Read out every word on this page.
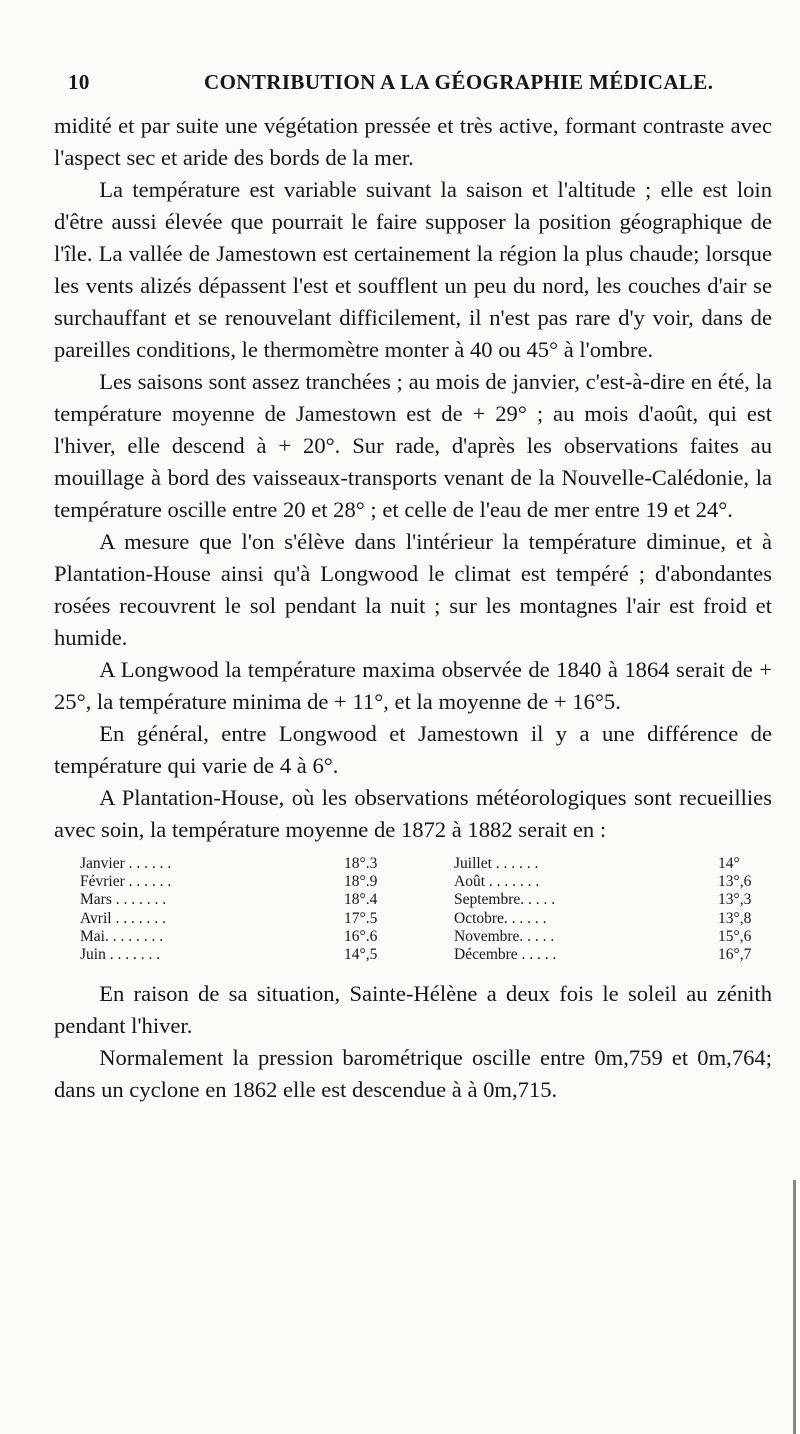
10	CONTRIBUTION A LA GÉOGRAPHIE MÉDICALE.

midité et par suite une végétation pressée et très active, formant contraste avec l'aspect sec et aride des bords de la mer.

La température est variable suivant la saison et l'altitude ; elle est loin d'être aussi élevée que pourrait le faire supposer la position géographique de l'île. La vallée de Jamestown est certainement la région la plus chaude; lorsque les vents alizés dépassent l'est et soufflent un peu du nord, les couches d'air se surchauffant et se renouvelant difficilement, il n'est pas rare d'y voir, dans de pareilles conditions, le thermomètre monter à 40 ou 45° à l'ombre.

Les saisons sont assez tranchées ; au mois de janvier, c'est-à-dire en été, la température moyenne de Jamestown est de + 29° ; au mois d'août, qui est l'hiver, elle descend à + 20°. Sur rade, d'après les observations faites au mouillage à bord des vaisseaux-transports venant de la Nouvelle-Calédonie, la température oscille entre 20 et 28° ; et celle de l'eau de mer entre 19 et 24°.

A mesure que l'on s'élève dans l'intérieur la température diminue, et à Plantation-House ainsi qu'à Longwood le climat est tempéré ; d'abondantes rosées recouvrent le sol pendant la nuit ; sur les montagnes l'air est froid et humide.

A Longwood la température maxima observée de 1840 à 1864 serait de + 25°, la température minima de + 11°, et la moyenne de + 16°5.

En général, entre Longwood et Jamestown il y a une différence de température qui varie de 4 à 6°.

A Plantation-House, où les observations météorologiques sont recueillies avec soin, la température moyenne de 1872 à 1882 serait en :

Janvier . . . . . .	18°.3
Février . . . . . .	18°.9
Mars . . . . . . .	18°.4
Avril . . . . . . .	17°.5
Mai. . . . . . . .	16°.6
Juin . . . . . . .	14°,5
Juillet . . . . . .	14°
Août . . . . . . .	13°,6
Septembre. . . . .	13°,3
Octobre. . . . . .	13°,8
Novembre. . . . .	15°,6
Décembre . . . . .	16°,7

En raison de sa situation, Sainte-Hélène a deux fois le soleil au zénith pendant l'hiver.

Normalement la pression barométrique oscille entre 0m,759 et 0m,764; dans un cyclone en 1862 elle est descendue à à 0m,715.
